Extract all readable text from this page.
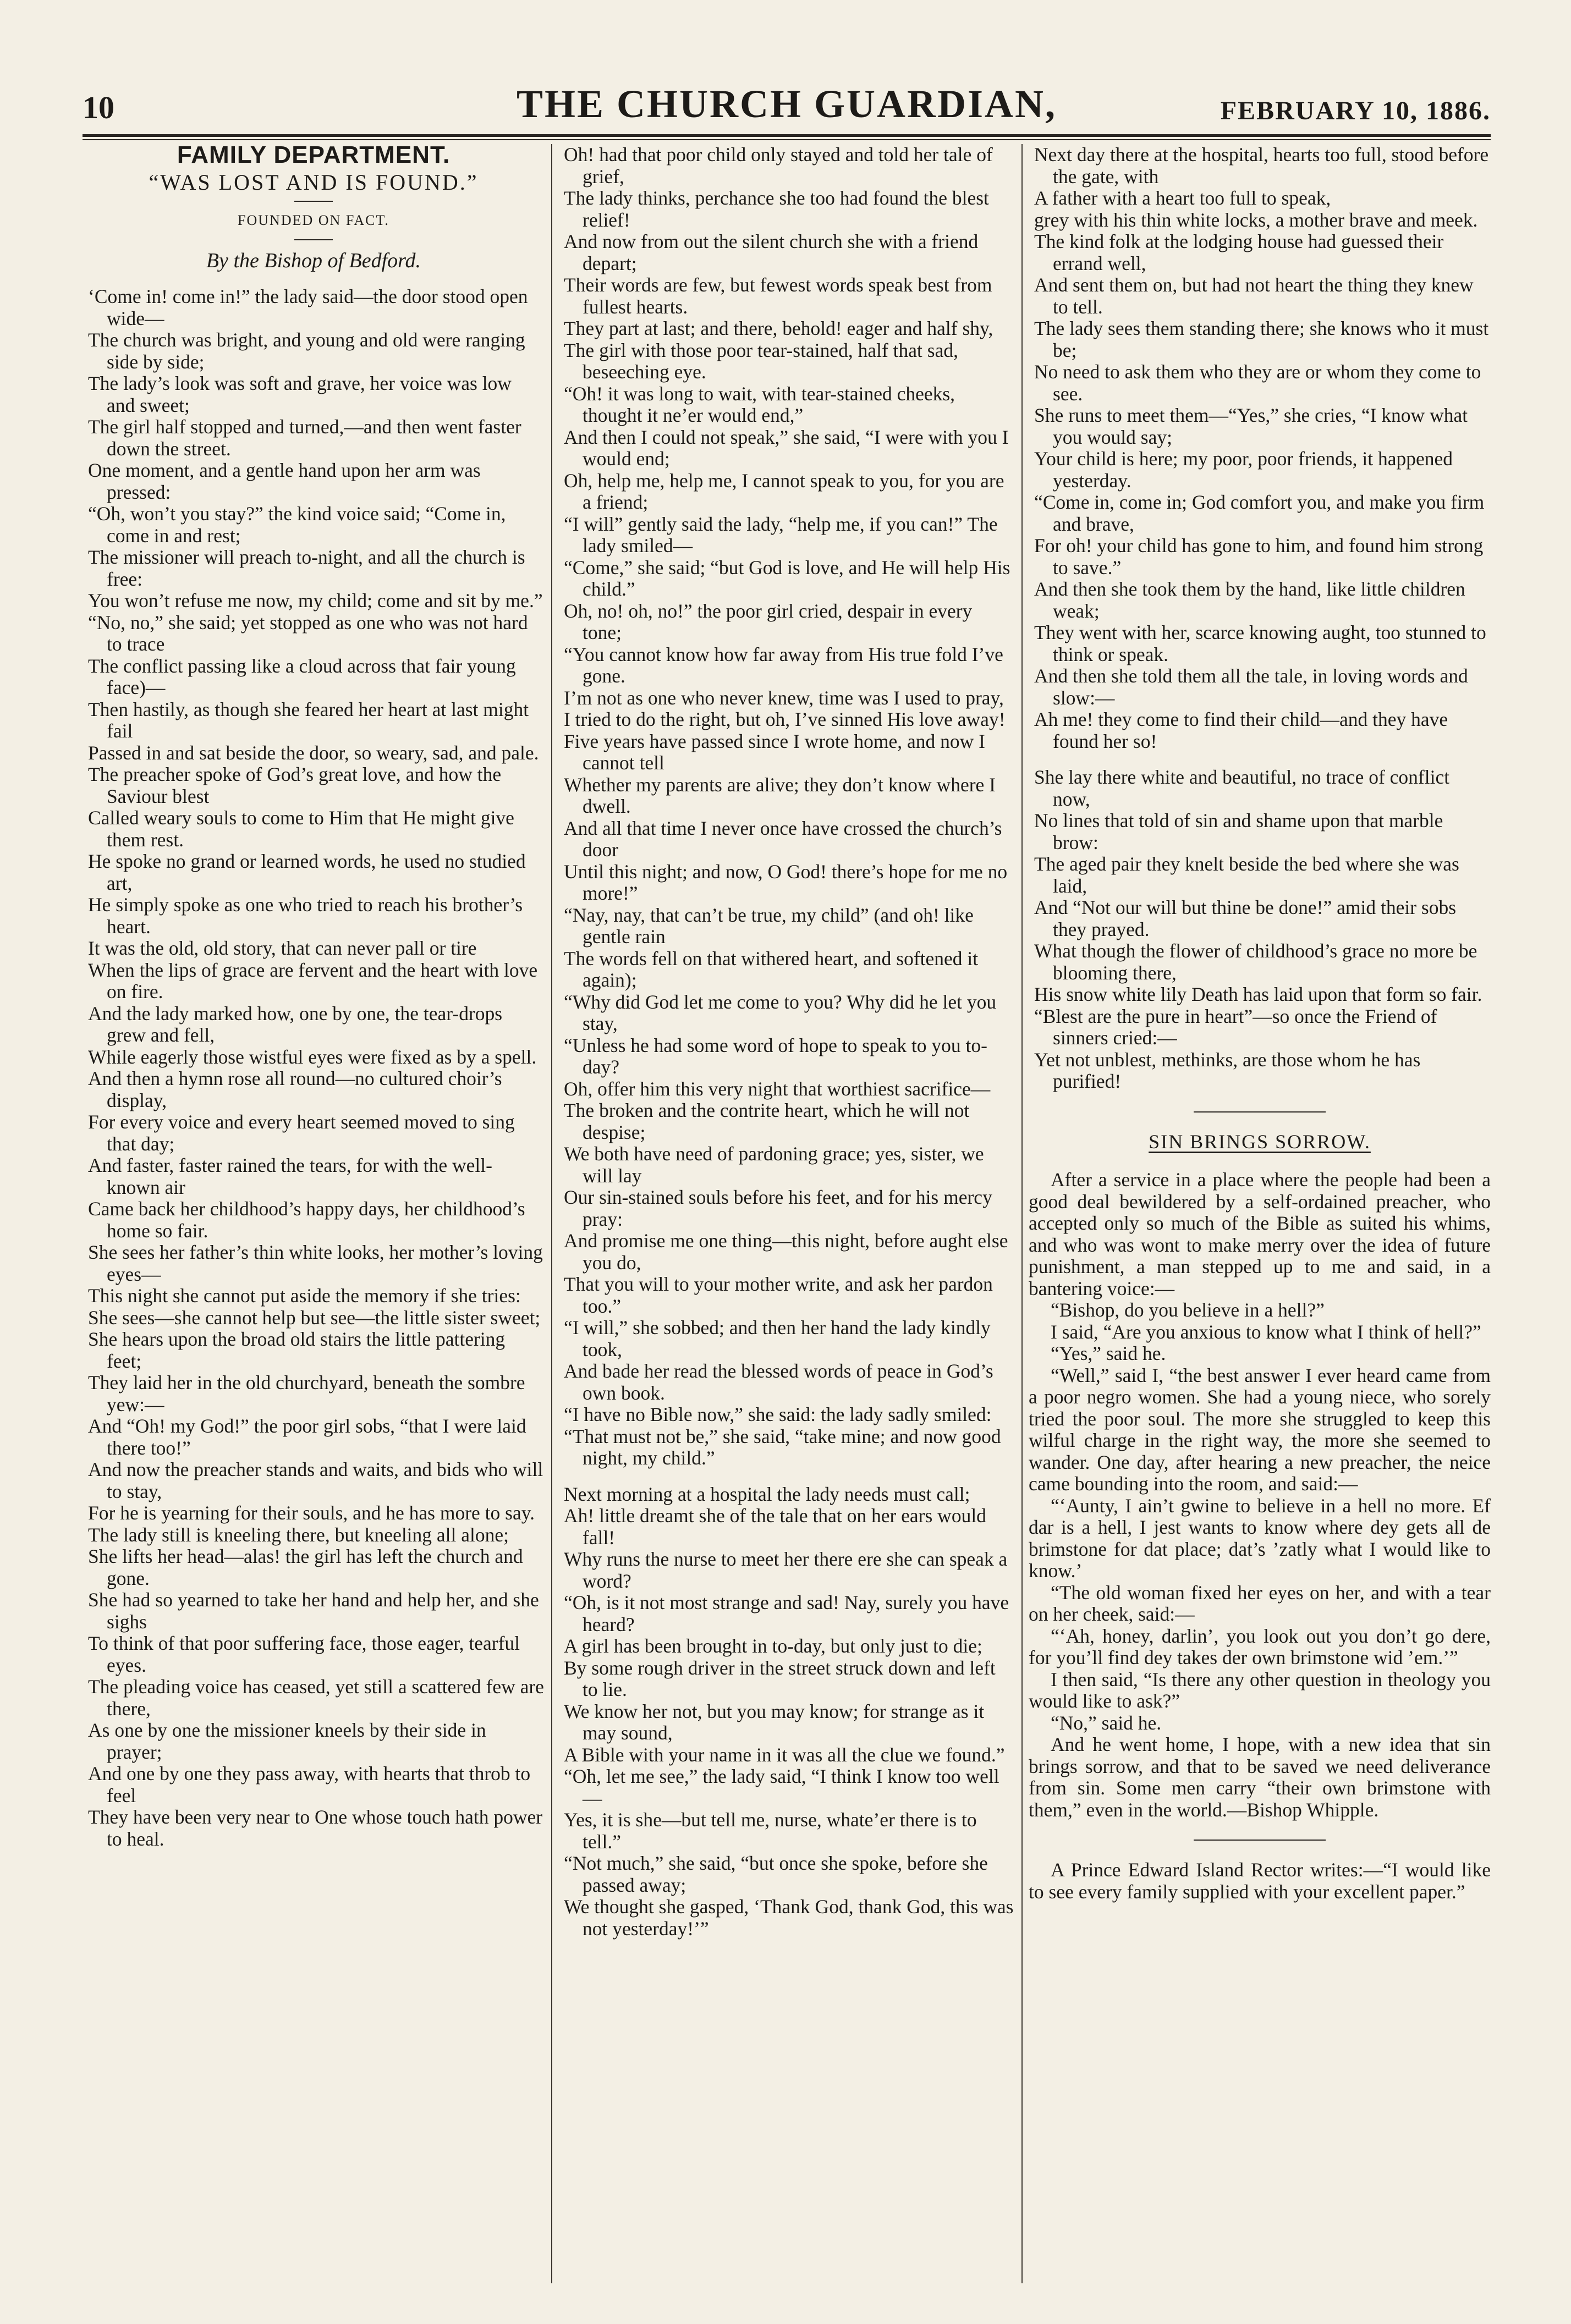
10	THE CHURCH GUARDIAN,	FEBRUARY 10, 1886.
FAMILY DEPARTMENT.
“WAS LOST AND IS FOUND.”
FOUNDED ON FACT.
By the Bishop of Bedford.

‘Come in! come in!” the lady said—the door stood open wide—

The church was bright, and young and old were ranging side by side;

The lady’s look was soft and grave, her voice was low and sweet;

The girl half stopped and turned,—and then went faster down the street.

One moment, and a gentle hand upon her arm was pressed:

“Oh, won’t you stay?” the kind voice said; “Come in, come in and rest;

The missioner will preach to-night, and all the church is free:

You won’t refuse me now, my child; come and sit by me.”

“No, no,” she said; yet stopped as one who was not hard to trace

The conflict passing like a cloud across that fair young face)—

Then hastily, as though she feared her heart at last might fail

Passed in and sat beside the door, so weary, sad, and pale.

The preacher spoke of God’s great love, and how the Saviour blest

Called weary souls to come to Him that He might give them rest.

He spoke no grand or learned words, he used no studied art,

He simply spoke as one who tried to reach his brother’s heart.

It was the old, old story, that can never pall or tire

When the lips of grace are fervent and the heart with love on fire.

And the lady marked how, one by one, the tear-drops grew and fell,

While eagerly those wistful eyes were fixed as by a spell.

And then a hymn rose all round—no cultured choir’s display,

For every voice and every heart seemed moved to sing that day;

And faster, faster rained the tears, for with the well-known air

Came back her childhood’s happy days, her childhood’s home so fair.

She sees her father’s thin white looks, her mother’s loving eyes—

This night she cannot put aside the memory if she tries:

She sees—she cannot help but see—the little sister sweet;

She hears upon the broad old stairs the little pattering feet;

They laid her in the old churchyard, beneath the sombre yew:—

And “Oh! my God!” the poor girl sobs, “that I were laid there too!”

And now the preacher stands and waits, and bids who will to stay,

For he is yearning for their souls, and he has more to say.

The lady still is kneeling there, but kneeling all alone;

She lifts her head—alas! the girl has left the church and gone.

She had so yearned to take her hand and help her, and she sighs

To think of that poor suffering face, those eager, tearful eyes.

The pleading voice has ceased, yet still a scattered few are there,

As one by one the missioner kneels by their side in prayer;

And one by one they pass away, with hearts that throb to feel

They have been very near to One whose touch hath power to heal.

Oh! had that poor child only stayed and told her tale of grief,

The lady thinks, perchance she too had found the blest relief!

And now from out the silent church she with a friend depart;

Their words are few, but fewest words speak best from fullest hearts.

They part at last; and there, behold! eager and half shy,

The girl with those poor tear-stained, half that sad, beseeching eye.

“Oh! it was long to wait, with tear-stained cheeks, thought it ne’er would end,”

And then I could not speak,” she said, “I were with you I would end;

Oh, help me, help me, I cannot speak to you, for you are a friend;

“I will” gently said the lady, “help me, if you can!” The lady smiled—

“Come,” she said; “but God is love, and He will help His child.”

Oh, no! oh, no!” the poor girl cried, despair in every tone;

“You cannot know how far away from His true fold I’ve gone.

I’m not as one who never knew, time was I used to pray,

I tried to do the right, but oh, I’ve sinned His love away!

Five years have passed since I wrote home, and now I cannot tell

Whether my parents are alive; they don’t know where I dwell.

And all that time I never once have crossed the church’s door

Until this night; and now, O God! there’s hope for me no more!”

“Nay, nay, that can’t be true, my child” (and oh! like gentle rain

The words fell on that withered heart, and softened it again);

“Why did God let me come to you? Why did he let you stay,

“Unless he had some word of hope to speak to you to-day?

Oh, offer him this very night that worthiest sacrifice—

The broken and the contrite heart, which he will not despise;

We both have need of pardoning grace; yes, sister, we will lay

Our sin-stained souls before his feet, and for his mercy pray:

And promise me one thing—this night, before aught else you do,

That you will to your mother write, and ask her pardon too.”

“I will,” she sobbed; and then her hand the lady kindly took,

And bade her read the blessed words of peace in God’s own book.

“I have no Bible now,” she said: the lady sadly smiled:

“That must not be,” she said, “take mine; and now good night, my child.”

Next morning at a hospital the lady needs must call;

Ah! little dreamt she of the tale that on her ears would fall!

Why runs the nurse to meet her there ere she can speak a word?

“Oh, is it not most strange and sad! Nay, surely you have heard?

A girl has been brought in to-day, but only just to die;

By some rough driver in the street struck down and left to lie.

We know her not, but you may know; for strange as it may sound,

A Bible with your name in it was all the clue we found.”

“Oh, let me see,” the lady said, “I think I know too well—

Yes, it is she—but tell me, nurse, whate’er there is to tell.”

“Not much,” she said, “but once she spoke, before she passed away;

We thought she gasped, ‘Thank God, thank God, this was not yesterday!’”

Next day there at the hospital, hearts too full, stood before the gate, with

A father with a heart too full to speak,

grey with his thin white locks, a mother brave and meek.

The kind folk at the lodging house had guessed their errand well,

And sent them on, but had not heart the thing they knew to tell.

The lady sees them standing there; she knows who it must be;

No need to ask them who they are or whom they come to see.

She runs to meet them—“Yes,” she cries, “I know what you would say;

Your child is here; my poor, poor friends, it happened yesterday.

“Come in, come in; God comfort you, and make you firm and brave,

For oh! your child has gone to him, and found him strong to save.”

And then she took them by the hand, like little children weak;

They went with her, scarce knowing aught, too stunned to think or speak.

And then she told them all the tale, in loving words and slow:—

Ah me! they come to find their child—and they have found her so!

She lay there white and beautiful, no trace of conflict now,

No lines that told of sin and shame upon that marble brow:

The aged pair they knelt beside the bed where she was laid,

And “Not our will but thine be done!” amid their sobs they prayed.

What though the flower of childhood’s grace no more be blooming there,

His snow white lily Death has laid upon that form so fair.

“Blest are the pure in heart”—so once the Friend of sinners cried:—

Yet not unblest, methinks, are those whom he has purified!

SIN BRINGS SORROW.

After a service in a place where the people had been a good deal bewildered by a self-ordained preacher, who accepted only so much of the Bible as suited his whims, and who was wont to make merry over the idea of future punishment, a man stepped up to me and said, in a bantering voice:—

“Bishop, do you believe in a hell?”

I said, “Are you anxious to know what I think of hell?”

“Yes,” said he.

“Well,” said I, “the best answer I ever heard came from a poor negro women. She had a young niece, who sorely tried the poor soul. The more she struggled to keep this wilful charge in the right way, the more she seemed to wander. One day, after hearing a new preacher, the neice came bounding into the room, and said:—

“‘Aunty, I ain’t gwine to believe in a hell no more. Ef dar is a hell, I jest wants to know where dey gets all de brimstone for dat place; dat’s ’zatly what I would like to know.’

“The old woman fixed her eyes on her, and with a tear on her cheek, said:—

“‘Ah, honey, darlin’, you look out you don’t go dere, for you’ll find dey takes der own brimstone wid ’em.’”

I then said, “Is there any other question in theology you would like to ask?”

“No,” said he.

And he went home, I hope, with a new idea that sin brings sorrow, and that to be saved we need deliverance from sin. Some men carry “their own brimstone with them,” even in the world.—Bishop Whipple.

A Prince Edward Island Rector writes:—“I would like to see every family supplied with your excellent paper.”
